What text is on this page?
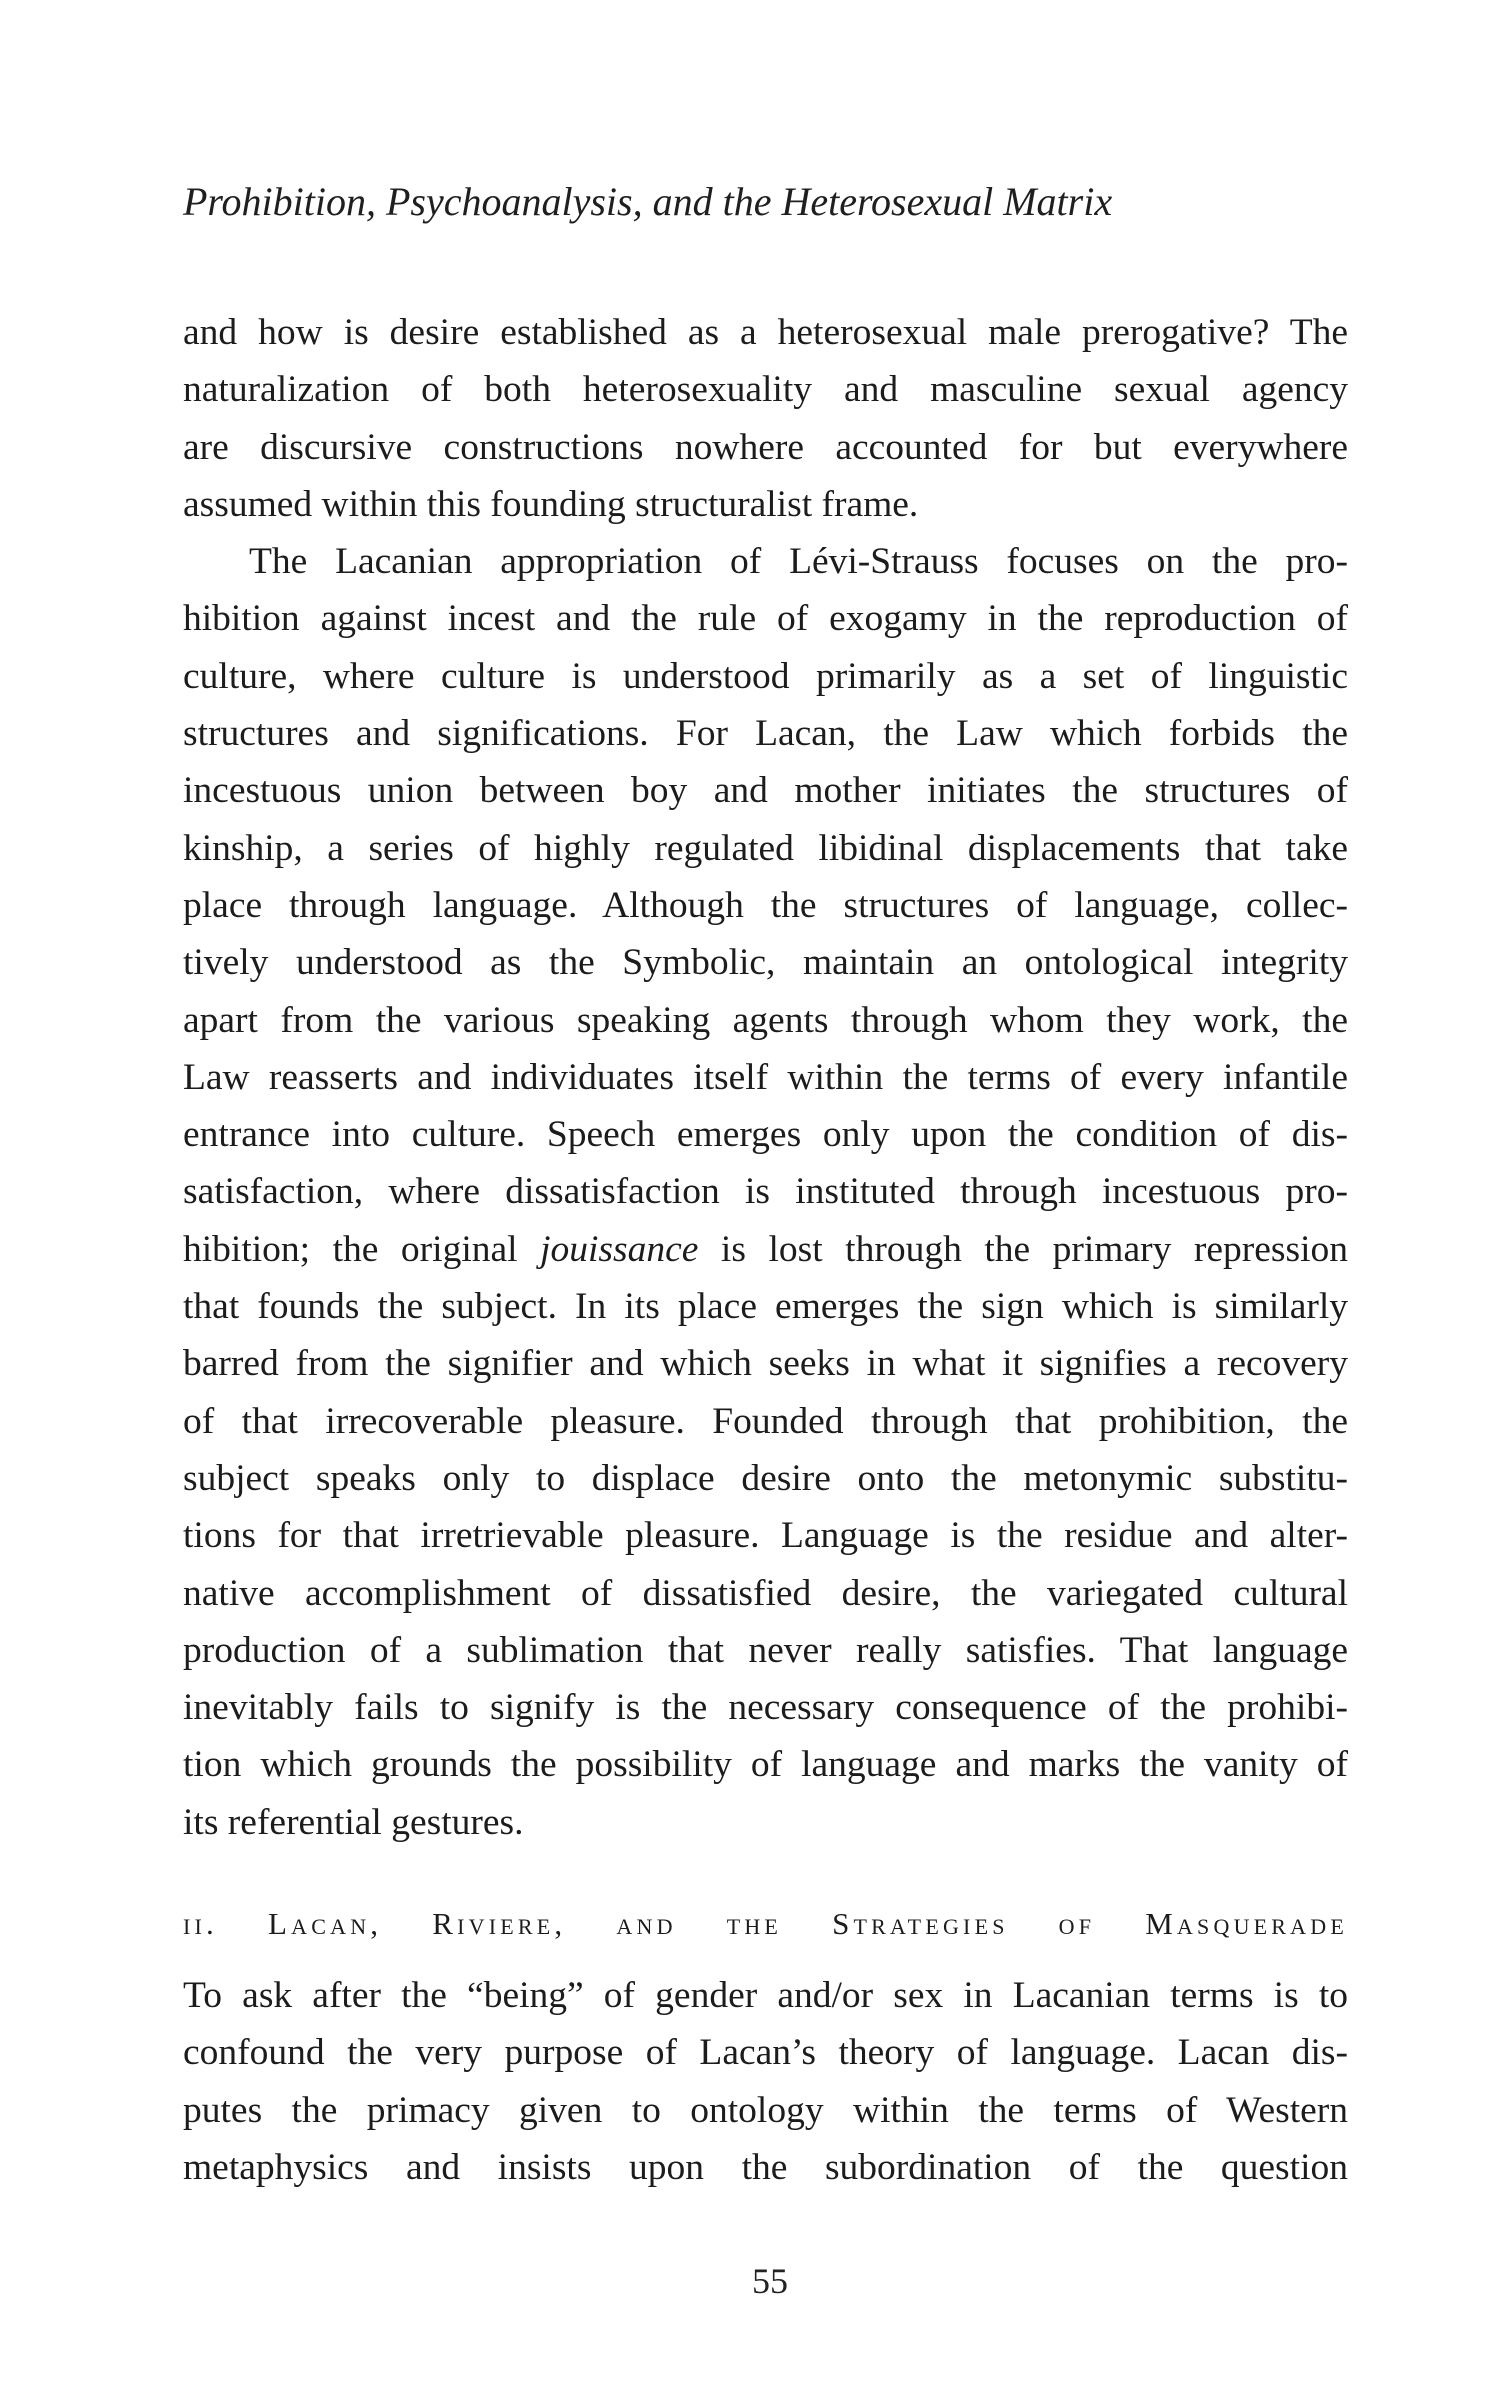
Prohibition, Psychoanalysis, and the Heterosexual Matrix
and how is desire established as a heterosexual male prerogative? The
naturalization of both heterosexuality and masculine sexual agency
are discursive constructions nowhere accounted for but everywhere
assumed within this founding structuralist frame.
The Lacanian appropriation of Lévi-Strauss focuses on the pro-
hibition against incest and the rule of exogamy in the reproduction of
culture, where culture is understood primarily as a set of linguistic
structures and significations. For Lacan, the Law which forbids the
incestuous union between boy and mother initiates the structures of
kinship, a series of highly regulated libidinal displacements that take
place through language. Although the structures of language, collec-
tively understood as the Symbolic, maintain an ontological integrity
apart from the various speaking agents through whom they work, the
Law reasserts and individuates itself within the terms of every infantile
entrance into culture. Speech emerges only upon the condition of dis-
satisfaction, where dissatisfaction is instituted through incestuous pro-
hibition; the original jouissance is lost through the primary repression
that founds the subject. In its place emerges the sign which is similarly
barred from the signifier and which seeks in what it signifies a recovery
of that irrecoverable pleasure. Founded through that prohibition, the
subject speaks only to displace desire onto the metonymic substitu-
tions for that irretrievable pleasure. Language is the residue and alter-
native accomplishment of dissatisfied desire, the variegated cultural
production of a sublimation that never really satisfies. That language
inevitably fails to signify is the necessary consequence of the prohibi-
tion which grounds the possibility of language and marks the vanity of
its referential gestures.
ii. Lacan, Riviere, and the Strategies of Masquerade
To ask after the “being” of gender and/or sex in Lacanian terms is to
confound the very purpose of Lacan’s theory of language. Lacan dis-
putes the primacy given to ontology within the terms of Western
metaphysics and insists upon the subordination of the question
55
